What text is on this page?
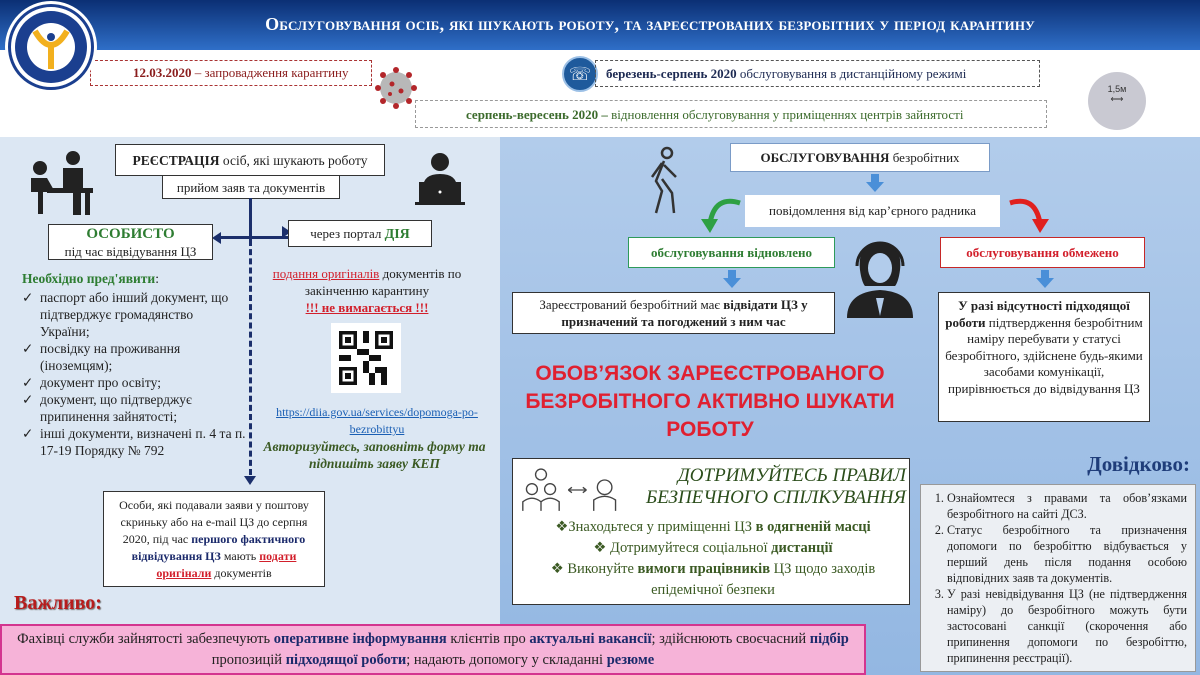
Обслуговування осіб, які шукають роботу, та зареєстрованих безробітних у період карантину
12.03.2020 – запровадження карантину	☏	березень-серпень 2020 обслуговування в дистанційному режимі
серпень-вересень 2020 – відновлення обслуговування у приміщеннях центрів зайнятості
1,5м
⟷
РЕЄСТРАЦІЯ осіб, які шукають роботу
прийом заяв та документів
ОСОБИСТО
під час відвідування ЦЗ
через портал ДІЯ
Необхідно пред'явити:
✓ паспорт або інший документ, що підтверджує громадянство України;
✓ посвідку на проживання (іноземцям);
✓ документ про освіту;
✓ документ, що підтверджує припинення зайнятості;
✓ інші документи, визначені п. 4 та п. 17-19 Порядку № 792
подання оригіналів документів по закінченню карантину
!!! не вимагається !!!
https://diia.gov.ua/services/dopomoga-po-bezrobittyu
Авторизуйтесь, заповніть форму та підпишіть заяву КЕП
Особи, які подавали заяви у поштову скриньку або на e-mail ЦЗ до серпня 2020, під час першого фактичного відвідування ЦЗ мають подати оригінали документів
Важливо:
ОБСЛУГОВУВАННЯ безробітних
повідомлення від кар’єрного радника
обслуговування відновлено	обслуговування обмежено
Зареєстрований безробітний має відвідати ЦЗ у призначений та погоджений з ним час
У разі відсутності підходящої роботи підтвердження безробітним наміру перебувати у статусі безробітного, здійснене будь-якими засобами комунікації, прирівнюється до відвідування ЦЗ
ОБОВ’ЯЗОК ЗАРЕЄСТРОВАНОГО БЕЗРОБІТНОГО АКТИВНО ШУКАТИ РОБОТУ
ДОТРИМУЙТЕСЬ ПРАВИЛ БЕЗПЕЧНОГО СПІЛКУВАННЯ
❖Знаходьтеся у приміщенні ЦЗ в одягненій масці
❖ Дотримуйтеся соціальної дистанції
❖ Виконуйте вимоги працівників ЦЗ щодо заходів епідемічної безпеки
Довідково:
1. Ознайомтеся з правами та обов’язками безробітного на сайті ДСЗ.
2. Статус безробітного та призначення допомоги по безробіттю відбувається у перший день після подання особою відповідних заяв та документів.
3. У разі невідвідування ЦЗ (не підтвердження наміру) до безробітного можуть бути застосовані санкції (скорочення або припинення допомоги по безробіттю, припинення реєстрації).
Фахівці служби зайнятості забезпечують оперативне інформування клієнтів про актуальні вакансії; здійснюють своєчасний підбір пропозицій підходящої роботи; надають допомогу у складанні резюме
